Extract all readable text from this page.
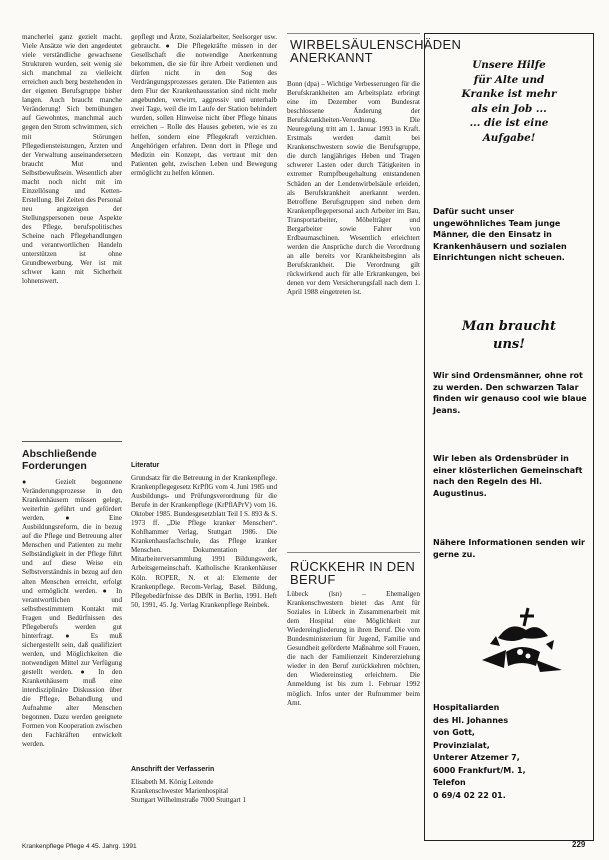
mancherlei ganz gezielt macht. Viele Ansätze wie den angedeutet viele verständliche gewachsene Strukturen wurden, seit wenig sie sich manchmal zu vielleicht erreichen auch berg bestehenden in der eigenen Berufsgruppe bisher langen. Auch braucht manche Veränderung! Sich bemühungen auf Gewohntes, manchmal auch gegen den Strom schwimmen, sich mit Störungen Pflegediensteistungen, Ärzten und der Verwaltung auseinandersetzen braucht Mut und Selbstbewußtsein. Wesentlich aber macht noch nicht mit im Einzellösung und Ketten-Erstellung. Bei Zeiten des Personal neu angezeigen der Stellungspersonen neue Aspekte des Pflege, berufspolitisches Scheine nach Pflegehandlungen und verantwortlichen Handeln unterstützen ist ohne Grundbewerbung. Wer ist mit schwer kann mit Sicherheit lohnenswert.

Abschließende Forderungen

● Gezielt begonnene Veränderungsprozesse in den Krankenhäusern müssen gelegt, weiterhin geführt und gefördert werden. ● Eine Ausbildungsreform, die in bezug auf die Pflege und Betreuung alter Menschen und Patienten zu mehr Selbständigkeit in der Pflege führt und auf diese Weise ein Selbstverständnis in bezug auf den alten Menschen erreicht, erfolgt und ermöglicht werden. ● In verantwortlichen und selbstbestimmtem Kontakt mit Fragen und Bedürfnissen des Pflegeberufs werden gut hinterfragt. ● Es muß sichergestellt sein, daß qualifiziert werden, und Möglichkeiten die notwendigen Mittel zur Verfügung gestellt werden. ● In den Krankenhäusern muß eine interdisziplinäre Diskussion über die Pflege, Behandlung und Aufnahme alter Menschen begonnen. Dazu werden geeignete Formen von Kooperation zwischen den Fachkräften entwickelt werden.

gepflegt und Ärzte, Sozialarbeiter, Seelsorger usw. gebraucht. ● Die Pflegekräfte müssen in der Gesellschaft die notwendige Anerkennung bekommen, die sie für ihre Arbeit verdienen und dürfen nicht in den Sog des Verdrängungsprozesses geraten. Die Patienten aus dem Flur der Krankenhausstation sind nicht mehr angebunden, verwirrt, aggressiv und unterhalb zwei Tage, weil die im Laufe der Station behindert wurden, sollen Hinweise nicht über Pflege hinaus erreichen – Rolle des Hauses gebeten, wie es zu helfen, sondern eine Pflegekraft verzichten. Angehörigen erfahren. Denn dort in Pflege und Medizin ein Konzept, das vertraut mit den Patienten geht, zwischen Leben und Bewegung ermöglicht zu helfen können.

Literatur

Grundsatz für die Betreuung in der Krankenpflege. Krankenpflegegesetz KrPflG vom 4. Juni 1985 und Ausbildungs- und Prüfungsverordnung für die Berufe in der Krankenpflege (KrPflAPrV) vom 16. Oktober 1985. Bundesgesetzblatt Teil I S. 893 & S. 1973 ff. „Die Pflege kranker Menschen“. Kohlhammer Verlag, Stuttgart 1986. Die Krankenhausfachschule, das Pflege kranker Menschen. Dokumentation der Mitarbeiterversammlung 1991 Bildungswerk, Arbeitsgemeinschaft. Katholische Krankenhäuser Köln. ROPER, N. et al: Elemente der Krankenpflege. Recom-Verlag, Basel. Bildung, Pflegebedürfnisse des DBfK in Berlin, 1991. Heft 50, 1991, 45. Jg. Verlag Krankenpflege Reinbek.

Anschrift der Verfasserin

Elisabeth M. König Leitende Krankenschwester Marienhospital Stuttgart Wilhelmstraße 7000 Stuttgart 1

WIRBELSÄULENSCHÄDEN ANERKANNT

Bonn (dpa) – Wichtige Verbesserungen für die Berufskrankheiten am Arbeitsplatz erbringt eine im Dezember vom Bundesrat beschlossene Änderung der Berufskrankheiten-Verordnung. Die Neuregelung tritt am 1. Januar 1993 in Kraft. Erstmals werden damit bei Krankenschwestern sowie die Berufsgruppe, die durch langjähriges Heben und Tragen schwerer Lasten oder durch Tätigkeiten in extremer Rumpfbeugehaltung entstandenen Schäden an der Lendenwirbelsäule erleiden, als Berufskrankheit anerkannt werden. Betroffene Berufsgruppen sind neben dem Krankenpflegepersonal auch Arbeiter im Bau, Transportarbeiter, Möbelträger und Bergarbeiter sowie Fahrer von Erdbaumaschinen. Wesentlich erleichtert werden die Ansprüche durch die Verordnung an alle bereits vor Krankheitsbeginn als Berufskrankheit. Die Verordnung gilt rückwirkend auch für alle Erkrankungen, bei denen vor dem Versicherungsfall nach dem 1. April 1988 eingetreten ist.

RÜCKKEHR IN DEN BERUF

Lübeck (lsn) – Ehemaligen Krankenschwestern bietet das Amt für Soziales in Lübeck in Zusammenarbeit mit dem Hospital eine Möglichkeit zur Wiedereingliederung in ihren Beruf. Die vom Bundesministerium für Jugend, Familie und Gesundheit geförderte Maßnahme soll Frauen, die nach der Familienzeit Kindererziehung wieder in den Beruf zurückkehren möchten, den Wiedereinstieg erleichtern. Die Anmeldung ist bis zum 1. Februar 1992 möglich. Infos unter der Rufnummer beim Amt.

Unsere Hilfe
für Alte und
Kranke ist mehr
als ein Job ...
... die ist eine
Aufgabe!
Dafür sucht unser ungewöhnliches Team junge Männer, die den Einsatz in Krankenhäusern und sozialen Einrichtungen nicht scheuen.
Man braucht
uns!
Wir sind Ordensmänner, ohne rot zu werden. Den schwarzen Talar finden wir genauso cool wie blaue Jeans.
Wir leben als Ordensbrüder in einer klösterlichen Gemeinschaft nach den Regeln des Hl. Augustinus.
Nähere Informationen senden wir gerne zu.
Hospitaliarden
des Hl. Johannes
von Gott,
Provinzialat,
Unterer Atzemer 7,
6000 Frankfurt/M. 1,
Telefon
0 69/4 02 22 01.
Krankenpflege Pflege 4 45. Jahrg. 1991	229
